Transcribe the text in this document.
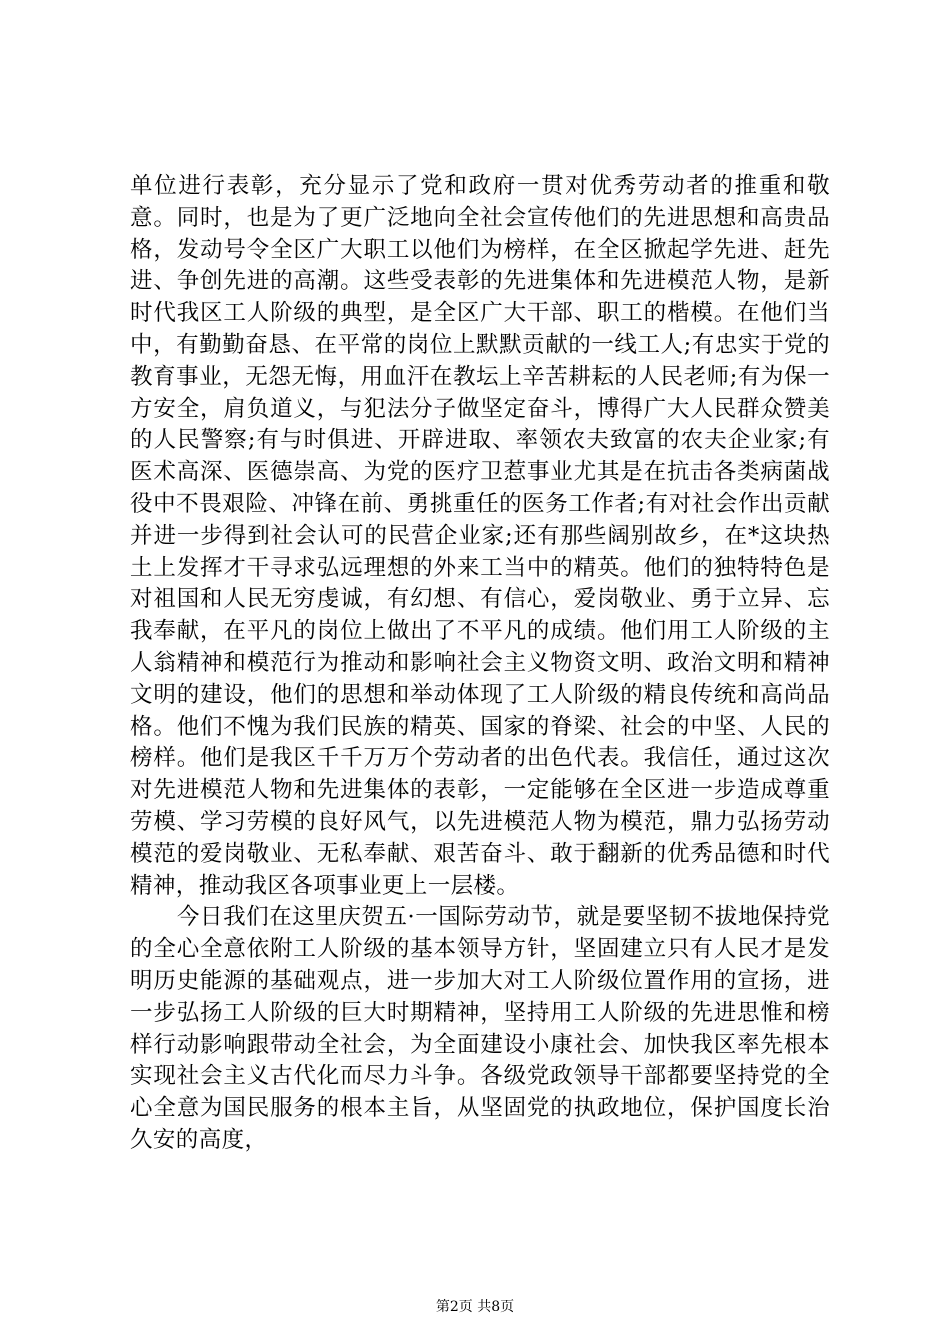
单位进行表彰，充分显示了党和政府一贯对优秀劳动者的推重和敬意。同时，也是为了更广泛地向全社会宣传他们的先进思想和高贵品格，发动号令全区广大职工以他们为榜样，在全区掀起学先进、赶先进、争创先进的高潮。这些受表彰的先进集体和先进模范人物，是新时代我区工人阶级的典型，是全区广大干部、职工的楷模。在他们当中，有勤勤奋恳、在平常的岗位上默默贡献的一线工人;有忠实于党的教育事业，无怨无悔，用血汗在教坛上辛苦耕耘的人民老师;有为保一方安全，肩负道义，与犯法分子做坚定奋斗，博得广大人民群众赞美的人民警察;有与时俱进、开辟进取、率领农夫致富的农夫企业家;有医术高深、医德崇高、为党的医疗卫惹事业尤其是在抗击各类病菌战役中不畏艰险、冲锋在前、勇挑重任的医务工作者;有对社会作出贡献并进一步得到社会认可的民营企业家;还有那些阔别故乡，在*这块热土上发挥才干寻求弘远理想的外来工当中的精英。他们的独特特色是对祖国和人民无穷虔诚，有幻想、有信心，爱岗敬业、勇于立异、忘我奉献，在平凡的岗位上做出了不平凡的成绩。他们用工人阶级的主人翁精神和模范行为推动和影响社会主义物资文明、政治文明和精神文明的建设，他们的思想和举动体现了工人阶级的精良传统和高尚品格。他们不愧为我们民族的精英、国家的脊梁、社会的中坚、人民的榜样。他们是我区千千万万个劳动者的出色代表。我信任，通过这次对先进模范人物和先进集体的表彰，一定能够在全区进一步造成尊重劳模、学习劳模的良好风气，以先进模范人物为模范，鼎力弘扬劳动模范的爱岗敬业、无私奉献、艰苦奋斗、敢于翻新的优秀品德和时代精神，推动我区各项事业更上一层楼。

今日我们在这里庆贺五·一国际劳动节，就是要坚韧不拔地保持党的全心全意依附工人阶级的基本领导方针，坚固建立只有人民才是发明历史能源的基础观点，进一步加大对工人阶级位置作用的宣扬，进一步弘扬工人阶级的巨大时期精神，坚持用工人阶级的先进思惟和榜样行动影响跟带动全社会，为全面建设小康社会、加快我区率先根本实现社会主义古代化而尽力斗争。各级党政领导干部都要坚持党的全心全意为国民服务的根本主旨，从坚固党的执政地位，保护国度长治久安的高度，

第2页 共8页
